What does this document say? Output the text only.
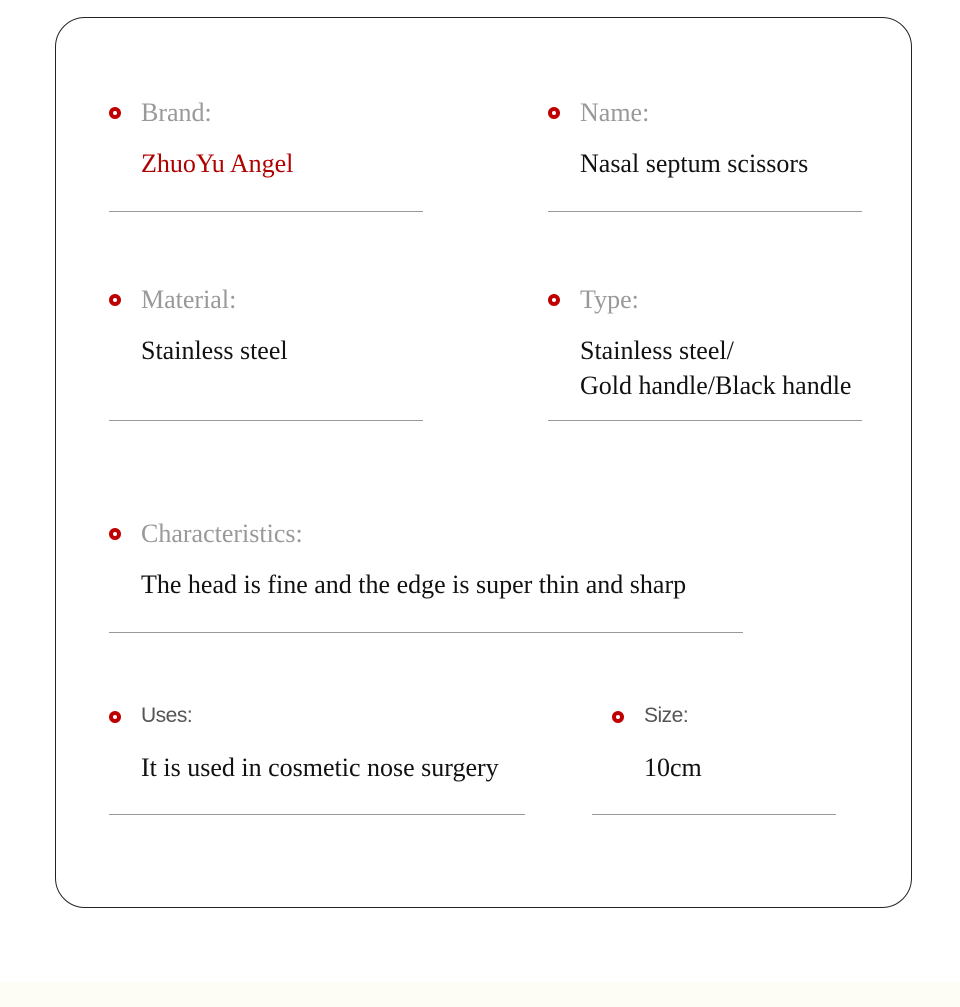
Brand:
ZhuoYu Angel
Name:
Nasal septum scissors
Material:
Stainless steel
Type:
Stainless steel/
Gold handle/Black handle
Characteristics:
The head is fine and the edge is super thin and sharp
Uses:
It is used in cosmetic nose surgery
Size:
10cm
